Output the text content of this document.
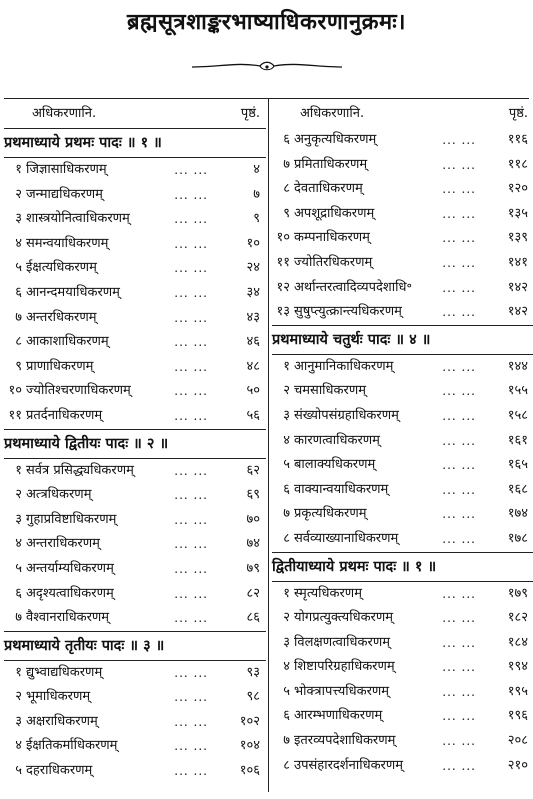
ब्रह्मसूत्रशाङ्करभाष्याधिकरणानुक्रमः।
अधिकरणानि.	पृष्ठं.	अधिकरणानि.	पृष्ठं.
प्रथमाध्याये प्रथमः पादः ॥ १ ॥
१ जिज्ञासाधिकरणम्	... ...	४
२ जन्माद्यधिकरणम्	... ...	७
३ शास्त्रयोनित्वाधिकरणम्	... ...	९
४ समन्वयाधिकरणम्	... ...	१०
५ ईक्षत्यधिकरणम्	... ...	२४
६ आनन्दमयाधिकरणम्	... ...	३४
७ अन्तरधिकरणम्	... ...	४३
८ आकाशाधिकरणम्	... ...	४६
९ प्राणाधिकरणम्	... ...	४८
१० ज्योतिश्चरणाधिकरणम्	... ...	५०
११ प्रतर्दनाधिकरणम्	... ...	५६
प्रथमाध्याये द्वितीयः पादः ॥ २ ॥
१ सर्वत्र प्रसिद्ध्यधिकरणम्	... ...	६२
२ अत्त्रधिकरणम्	... ...	६९
३ गुहाप्रविष्टाधिकरणम्	... ...	७०
४ अन्तराधिकरणम्	... ...	७४
५ अन्तर्याम्यधिकरणम्	... ...	७९
६ अदृश्यत्वाधिकरणम्	... ...	८२
७ वैश्वानराधिकरणम्	... ...	८६
प्रथमाध्याये तृतीयः पादः ॥ ३ ॥
१ द्युभ्वाद्यधिकरणम्	... ...	९३
२ भूमाधिकरणम्	... ...	९८
३ अक्षराधिकरणम्	... ... १०२
४ ईक्षतिकर्माधिकरणम्	... ... १०४
५ दहराधिकरणम्	... ... १०६
६ अनुकृत्यधिकरणम्	... ... ११६
७ प्रमिताधिकरणम्	... ... ११८
८ देवताधिकरणम्	... ... १२०
९ अपशूद्राधिकरणम्	... ... १३५
१० कम्पनाधिकरणम्	... ... १३९
११ ज्योतिरधिकरणम्	... ... १४१
१२ अर्थान्तरत्वादिव्यपदेशाधि॰	... ... १४२
१३ सुषुप्त्युत्क्रान्त्यधिकरणम्	... ... १४२
प्रथमाध्याये चतुर्थः पादः ॥ ४ ॥
१ आनुमानिकाधिकरणम्	... ... १४४
२ चमसाधिकरणम्	... ... १५५
३ संख्योपसंग्रहाधिकरणम्	... ... १५८
४ कारणत्वाधिकरणम्	... ... १६१
५ बालाक्यधिकरणम्	... ... १६५
६ वाक्यान्वयाधिकरणम्	... ... १६८
७ प्रकृत्यधिकरणम्	... ... १७४
८ सर्वव्याख्यानाधिकरणम्	... ... १७८
द्वितीयाध्याये प्रथमः पादः ॥ १ ॥
१ स्मृत्यधिकरणम्	... ... १७९
२ योगप्रत्युक्त्यधिकरणम्	... ... १८२
३ विलक्षणत्वाधिकरणम्	... ... १८४
४ शिष्टापरिग्रहाधिकरणम्	... ... १९४
५ भोक्त्रापत्त्यधिकरणम्	... ... १९५
६ आरम्भणाधिकरणम्	... ... १९६
७ इतरव्यपदेशाधिकरणम्	... ... २०८
८ उपसंहारदर्शनाधिकरणम्	... ... २१०
